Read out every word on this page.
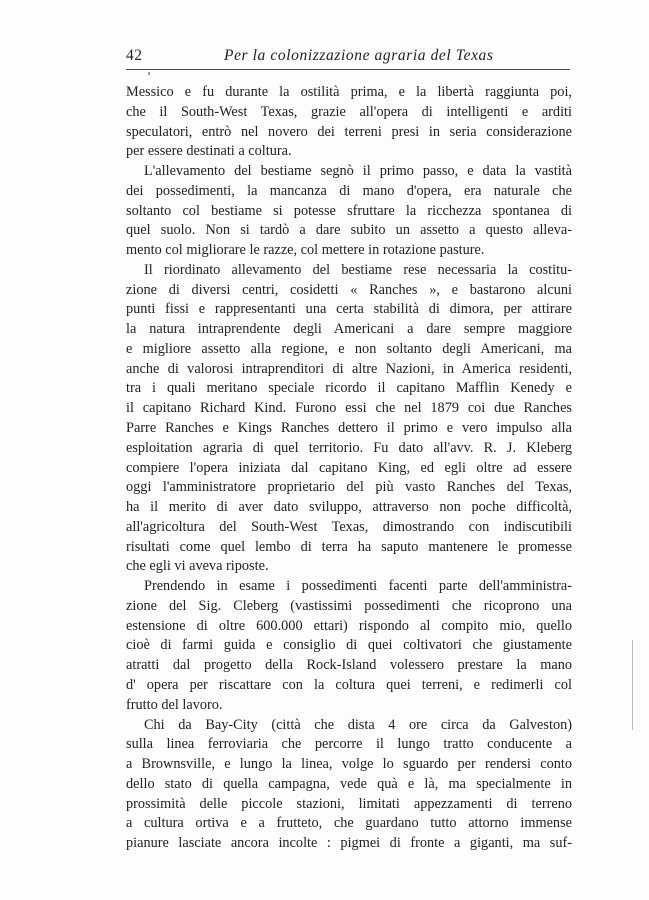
42	Per la colonizzazione agraria del Texas
Messico e fu durante la ostilità prima, e la libertà raggiunta poi,
che il South-West Texas, grazie all'opera di intelligenti e arditi
speculatori, entrò nel novero dei terreni presi in seria considerazione
per essere destinati a coltura.
L'allevamento del bestiame segnò il primo passo, e data la vastità
dei possedimenti, la mancanza di mano d'opera, era naturale che
soltanto col bestiame si potesse sfruttare la ricchezza spontanea di
quel suolo. Non si tardò a dare subito un assetto a questo alleva-
mento col migliorare le razze, col mettere in rotazione pasture.
Il riordinato allevamento del bestiame rese necessaria la costitu-
zione di diversi centri, cosidetti « Ranches », e bastarono alcuni
punti fissi e rappresentanti una certa stabilità di dimora, per attirare
la natura intraprendente degli Americani a dare sempre maggiore
e migliore assetto alla regione, e non soltanto degli Americani, ma
anche di valorosi intraprenditori di altre Nazioni, in America residenti,
tra i quali meritano speciale ricordo il capitano Mafflin Kenedy e
il capitano Richard Kind. Furono essi che nel 1879 coi due Ranches
Parre Ranches e Kings Ranches dettero il primo e vero impulso alla
esploitation agraria di quel territorio. Fu dato all'avv. R. J. Kleberg
compiere l'opera iniziata dal capitano King, ed egli oltre ad essere
oggi l'amministratore proprietario del più vasto Ranches del Texas,
ha il merito di aver dato sviluppo, attraverso non poche difficoltà,
all'agricoltura del South-West Texas, dimostrando con indiscutibili
risultati come quel lembo di terra ha saputo mantenere le promesse
che egli vi aveva riposte.
Prendendo in esame i possedimenti facenti parte dell'amministra-
zione del Sig. Cleberg (vastissimi possedimenti che ricoprono una
estensione di oltre 600.000 ettari) rispondo al compito mio, quello
cioè di farmi guida e consiglio di quei coltivatori che giustamente
atratti dal progetto della Rock-Island volessero prestare la mano
d' opera per riscattare con la coltura quei terreni, e redimerli col
frutto del lavoro.
Chi da Bay-City (città che dista 4 ore circa da Galveston)
sulla linea ferroviaria che percorre il lungo tratto conducente a
a Brownsville, e lungo la linea, volge lo sguardo per rendersi conto
dello stato di quella campagna, vede quà e là, ma specialmente in
prossimità delle piccole stazioni, limitati appezzamenti di terreno
a cultura ortiva e a frutteto, che guardano tutto attorno immense
pianure lasciate ancora incolte : pigmei di fronte a giganti, ma suf-
